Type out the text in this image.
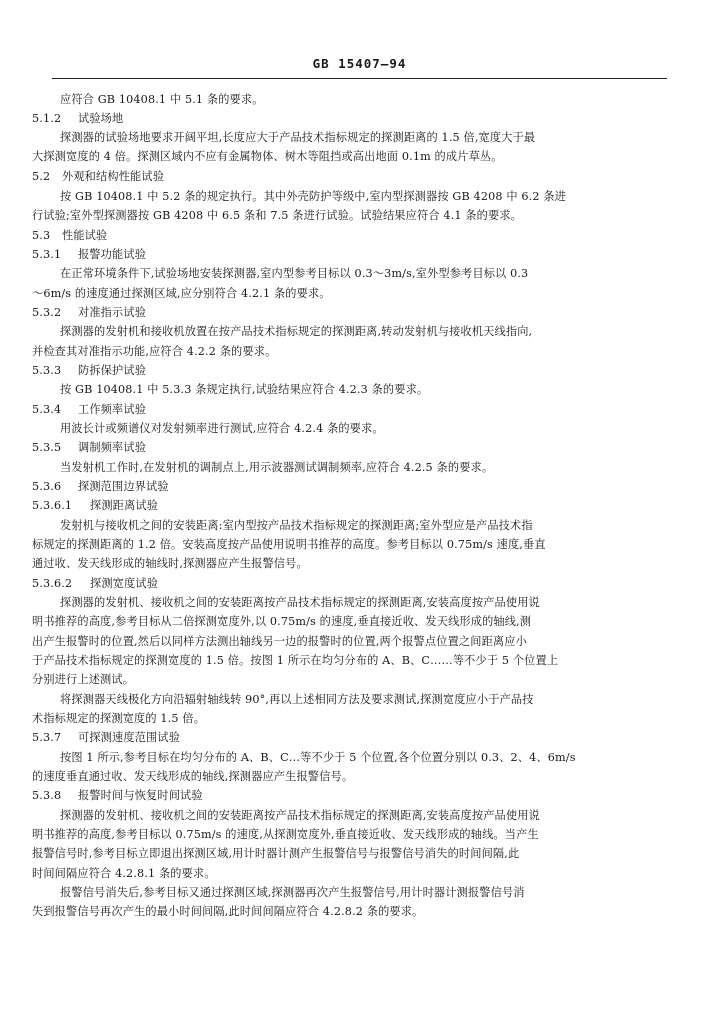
GB 15407—94
应符合 GB 10408.1 中 5.1 条的要求。
5.1.2 试验场地
探测器的试验场地要求开阔平坦,长度应大于产品技术指标规定的探测距离的 1.5 倍,宽度大于最
大探测宽度的 4 倍。探测区域内不应有金属物体、树木等阻挡或高出地面 0.1m 的成片草丛。
5.2 外观和结构性能试验
按 GB 10408.1 中 5.2 条的规定执行。其中外壳防护等级中,室内型探测器按 GB 4208 中 6.2 条进
行试验;室外型探测器按 GB 4208 中 6.5 条和 7.5 条进行试验。试验结果应符合 4.1 条的要求。
5.3 性能试验
5.3.1 报警功能试验
在正常环境条件下,试验场地安装探测器,室内型参考目标以 0.3～3m/s,室外型参考目标以 0.3
～6m/s 的速度通过探测区域,应分别符合 4.2.1 条的要求。
5.3.2 对准指示试验
探测器的发射机和接收机放置在按产品技术指标规定的探测距离,转动发射机与接收机天线指向,
并检查其对准指示功能,应符合 4.2.2 条的要求。
5.3.3 防拆保护试验
按 GB 10408.1 中 5.3.3 条规定执行,试验结果应符合 4.2.3 条的要求。
5.3.4 工作频率试验
用波长计或频谱仪对发射频率进行测试,应符合 4.2.4 条的要求。
5.3.5 调制频率试验
当发射机工作时,在发射机的调制点上,用示波器测试调制频率,应符合 4.2.5 条的要求。
5.3.6 探测范围边界试验
5.3.6.1 探测距离试验
发射机与接收机之间的安装距离:室内型按产品技术指标规定的探测距离;室外型应是产品技术指
标规定的探测距离的 1.2 倍。安装高度按产品使用说明书推荐的高度。参考目标以 0.75m/s 速度,垂直
通过收、发天线形成的轴线时,探测器应产生报警信号。
5.3.6.2 探测宽度试验
探测器的发射机、接收机之间的安装距离按产品技术指标规定的探测距离,安装高度按产品使用说
明书推荐的高度,参考目标从二倍探测宽度外,以 0.75m/s 的速度,垂直接近收、发天线形成的轴线,测
出产生报警时的位置,然后以同样方法测出轴线另一边的报警时的位置,两个报警点位置之间距离应小
于产品技术指标规定的探测宽度的 1.5 倍。按图 1 所示在均匀分布的 A、B、C……等不少于 5 个位置上
分别进行上述测试。
将探测器天线极化方向沿辐射轴线转 90°,再以上述相同方法及要求测试,探测宽度应小于产品技
术指标规定的探测宽度的 1.5 倍。
5.3.7 可探测速度范围试验
按图 1 所示,参考目标在均匀分布的 A、B、C…等不少于 5 个位置,各个位置分别以 0.3、2、4、6m/s
的速度垂直通过收、发天线形成的轴线,探测器应产生报警信号。
5.3.8 报警时间与恢复时间试验
探测器的发射机、接收机之间的安装距离按产品技术指标规定的探测距离,安装高度按产品使用说
明书推荐的高度,参考目标以 0.75m/s 的速度,从探测宽度外,垂直接近收、发天线形成的轴线。当产生
报警信号时,参考目标立即退出探测区域,用计时器计测产生报警信号与报警信号消失的时间间隔,此
时间间隔应符合 4.2.8.1 条的要求。
报警信号消失后,参考目标又通过探测区域,探测器再次产生报警信号,用计时器计测报警信号消
失到报警信号再次产生的最小时间间隔,此时间间隔应符合 4.2.8.2 条的要求。
